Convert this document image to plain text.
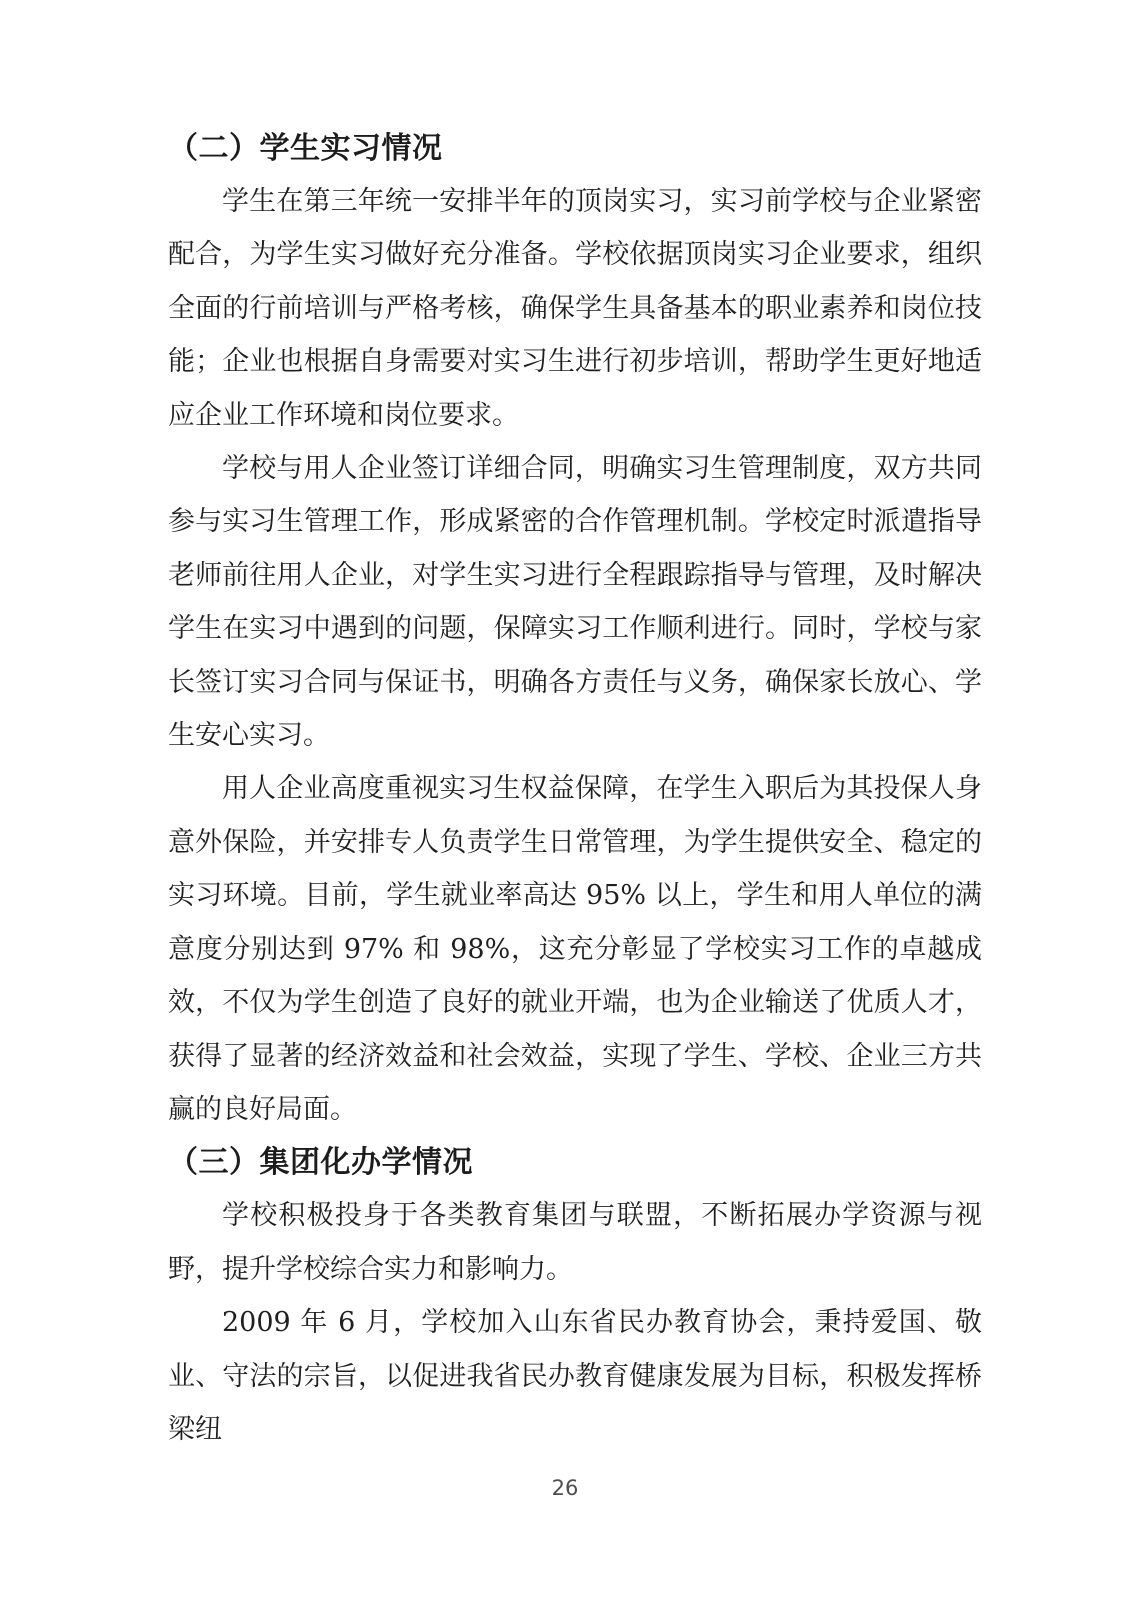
（二）学生实习情况

学生在第三年统一安排半年的顶岗实习，实习前学校与企业紧密配合，为学生实习做好充分准备。学校依据顶岗实习企业要求，组织全面的行前培训与严格考核，确保学生具备基本的职业素养和岗位技能；企业也根据自身需要对实习生进行初步培训，帮助学生更好地适应企业工作环境和岗位要求。

学校与用人企业签订详细合同，明确实习生管理制度，双方共同参与实习生管理工作，形成紧密的合作管理机制。学校定时派遣指导老师前往用人企业，对学生实习进行全程跟踪指导与管理，及时解决学生在实习中遇到的问题，保障实习工作顺利进行。同时，学校与家长签订实习合同与保证书，明确各方责任与义务，确保家长放心、学生安心实习。

用人企业高度重视实习生权益保障，在学生入职后为其投保人身意外保险，并安排专人负责学生日常管理，为学生提供安全、稳定的实习环境。目前，学生就业率高达 95% 以上，学生和用人单位的满意度分别达到 97% 和 98%，这充分彰显了学校实习工作的卓越成效，不仅为学生创造了良好的就业开端，也为企业输送了优质人才，获得了显著的经济效益和社会效益，实现了学生、学校、企业三方共赢的良好局面。

（三）集团化办学情况

学校积极投身于各类教育集团与联盟，不断拓展办学资源与视野，提升学校综合实力和影响力。

2009 年 6 月，学校加入山东省民办教育协会，秉持爱国、敬业、守法的宗旨，以促进我省民办教育健康发展为目标，积极发挥桥梁纽

26
